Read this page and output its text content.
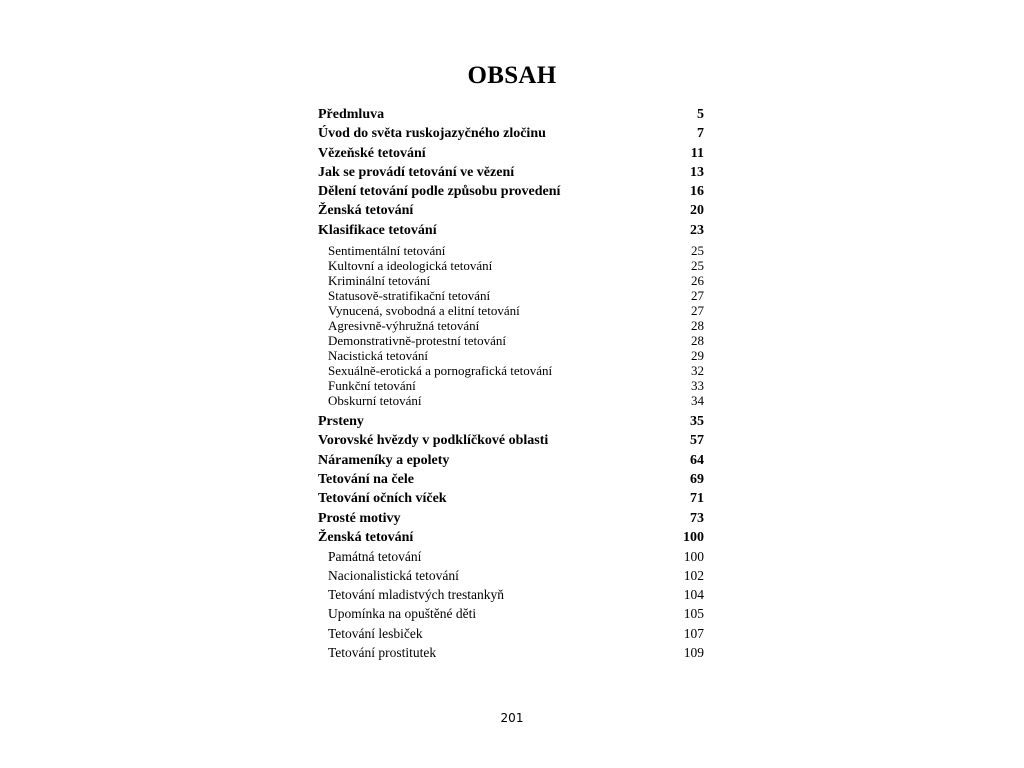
OBSAH
Předmluva	5
Úvod do světa ruskojazyčného zločinu	7
Vězeňské tetování	11
Jak se provádí tetování ve vězení	13
Dělení tetování podle způsobu provedení	16
Ženská tetování	20
Klasifikace tetování	23
Sentimentální tetování	25
Kultovní a ideologická tetování	25
Kriminální tetování	26
Statusově-stratifikační tetování	27
Vynucená, svobodná a elitní tetování	27
Agresivně-výhružná tetování	28
Demonstrativně-protestní tetování	28
Nacistická tetování	29
Sexuálně-erotická a pornografická tetování	32
Funkční tetování	33
Obskurní tetování	34
Prsteny	35
Vorovské hvězdy v podklíčkové oblasti	57
Nárameníky a epolety	64
Tetování na čele	69
Tetování očních víček	71
Prosté motivy	73
Ženská tetování	100
Památná tetování	100
Nacionalistická tetování	102
Tetování mladistvých trestankyň	104
Upomínka na opuštěné děti	105
Tetování lesbiček	107
Tetování prostitutek	109
201
